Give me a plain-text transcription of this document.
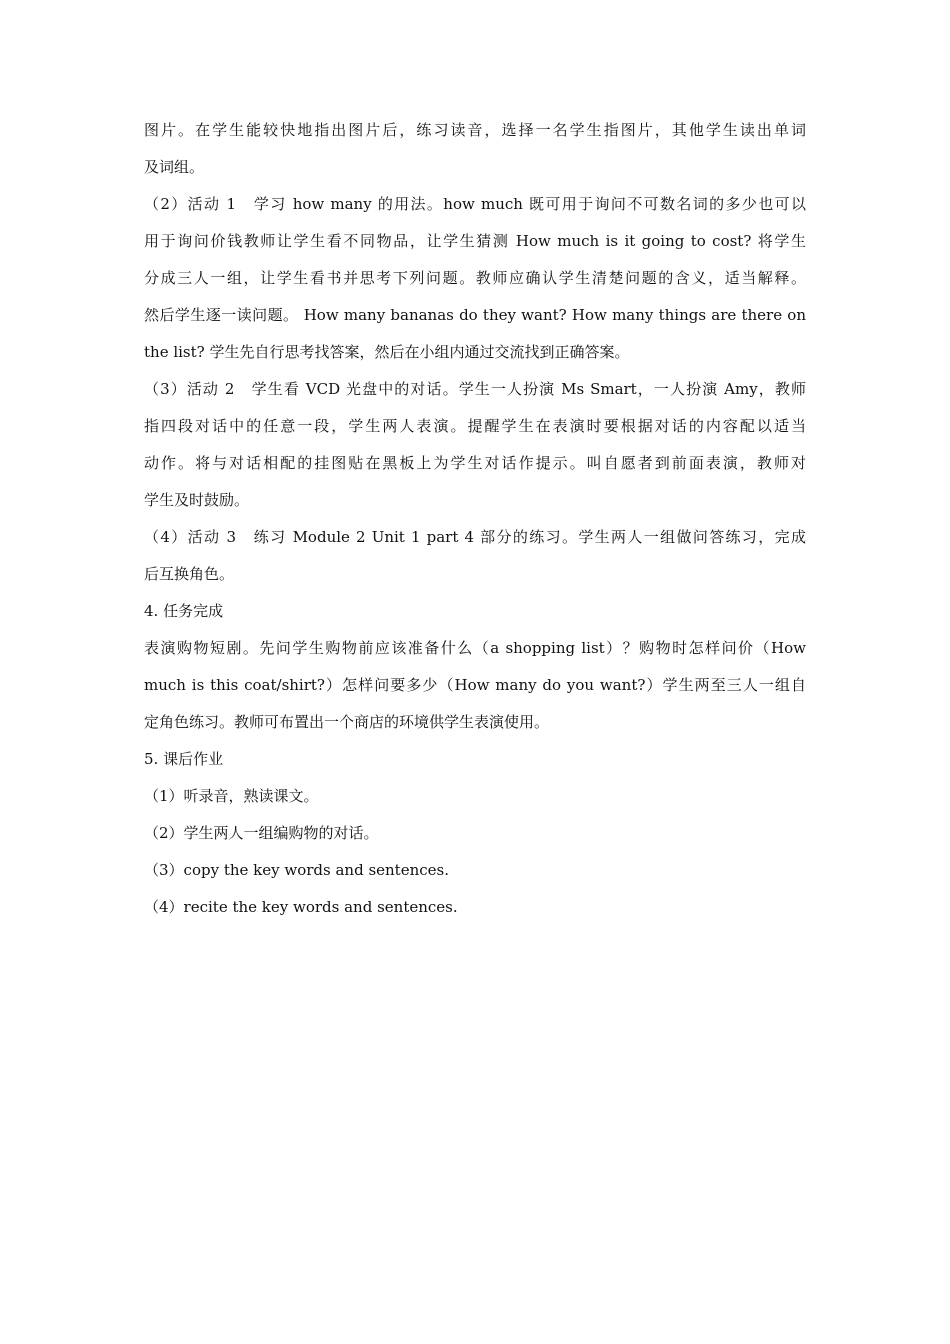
图片。在学生能较快地指出图片后，练习读音，选择一名学生指图片，其他学生读出单词
及词组。

（2）活动 1　学习 how many 的用法。how much 既可用于询问不可数名词的多少也可以
用于询问价钱教师让学生看不同物品，让学生猜测 How much is it going to cost? 将学生
分成三人一组，让学生看书并思考下列问题。教师应确认学生清楚问题的含义，适当解释。
然后学生逐一读问题。 How many bananas do they want? How many things are there on
the list? 学生先自行思考找答案，然后在小组内通过交流找到正确答案。

（3）活动 2　学生看 VCD 光盘中的对话。学生一人扮演 Ms Smart，一人扮演 Amy，教师
指四段对话中的任意一段，学生两人表演。提醒学生在表演时要根据对话的内容配以适当
动作。将与对话相配的挂图贴在黑板上为学生对话作提示。叫自愿者到前面表演，教师对
学生及时鼓励。

（4）活动 3　练习 Module 2 Unit 1 part 4 部分的练习。学生两人一组做问答练习，完成
后互换角色。

4. 任务完成

表演购物短剧。先问学生购物前应该准备什么（a shopping list）？购物时怎样问价（How
much is this coat/shirt?）怎样问要多少（How many do you want?）学生两至三人一组自
定角色练习。教师可布置出一个商店的环境供学生表演使用。

5. 课后作业

（1）听录音，熟读课文。

（2）学生两人一组编购物的对话。

（3）copy the key words and sentences.

（4）recite the key words and sentences.
